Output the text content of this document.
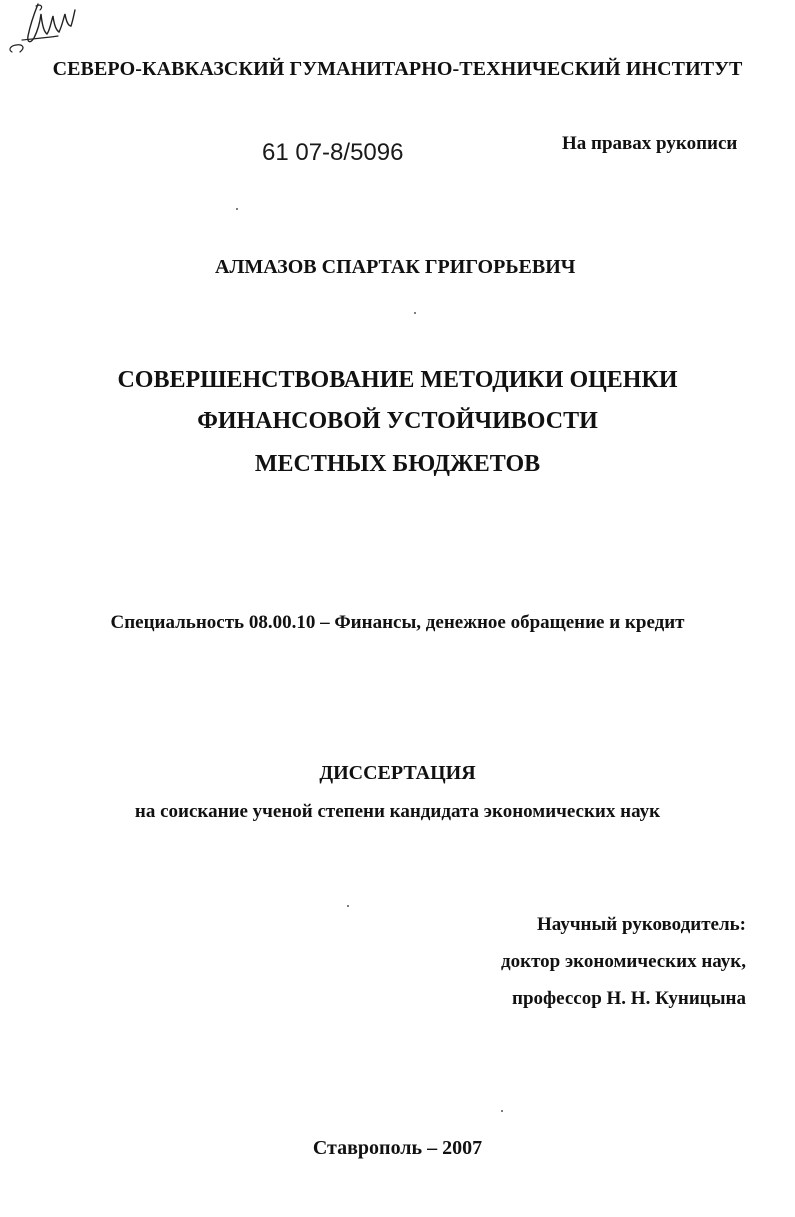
СЕВЕРО-КАВКАЗСКИЙ ГУМАНИТАРНО-ТЕХНИЧЕСКИЙ ИНСТИТУТ
61 07-8/5096	На правах рукописи
АЛМАЗОВ СПАРТАК ГРИГОРЬЕВИЧ
СОВЕРШЕНСТВОВАНИЕ МЕТОДИКИ ОЦЕНКИ
ФИНАНСОВОЙ УСТОЙЧИВОСТИ
МЕСТНЫХ БЮДЖЕТОВ
Специальность 08.00.10 – Финансы, денежное обращение и кредит
ДИССЕРТАЦИЯ
на соискание ученой степени кандидата экономических наук
Научный руководитель:
доктор экономических наук,
профессор Н. Н. Куницына
Ставрополь – 2007
